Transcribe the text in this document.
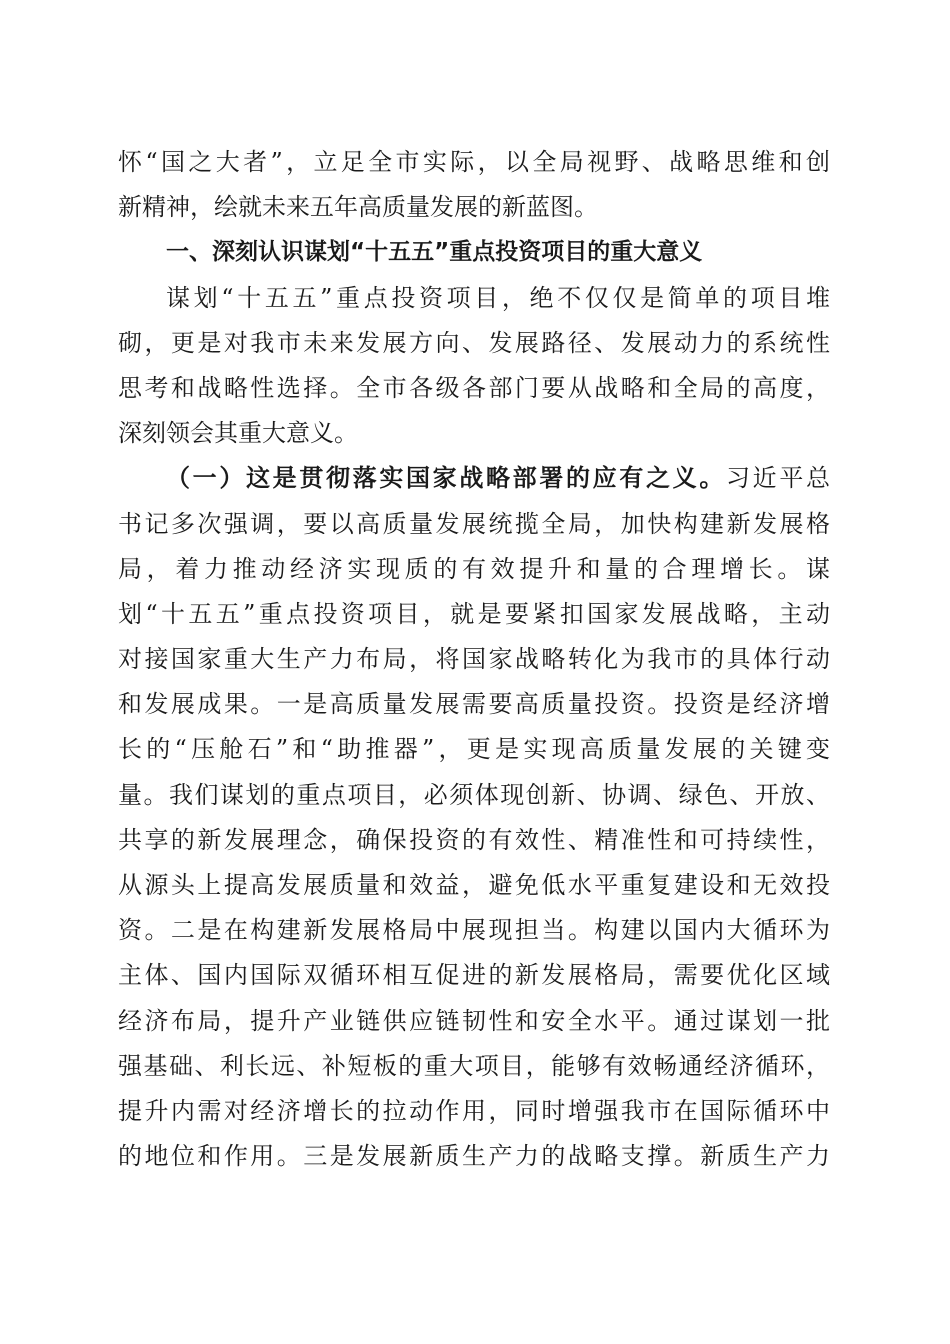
怀“国之大者”，立足全市实际，以全局视野、战略思维和创
新精神，绘就未来五年高质量发展的新蓝图。
一、深刻认识谋划“十五五”重点投资项目的重大意义
谋划“十五五”重点投资项目，绝不仅仅是简单的项目堆
砌，更是对我市未来发展方向、发展路径、发展动力的系统性
思考和战略性选择。全市各级各部门要从战略和全局的高度，
深刻领会其重大意义。
（一）这是贯彻落实国家战略部署的应有之义。习近平总
书记多次强调，要以高质量发展统揽全局，加快构建新发展格
局，着力推动经济实现质的有效提升和量的合理增长。谋
划“十五五”重点投资项目，就是要紧扣国家发展战略，主动
对接国家重大生产力布局，将国家战略转化为我市的具体行动
和发展成果。一是高质量发展需要高质量投资。投资是经济增
长的“压舱石”和“助推器”，更是实现高质量发展的关键变
量。我们谋划的重点项目，必须体现创新、协调、绿色、开放、
共享的新发展理念，确保投资的有效性、精准性和可持续性，
从源头上提高发展质量和效益，避免低水平重复建设和无效投
资。二是在构建新发展格局中展现担当。构建以国内大循环为
主体、国内国际双循环相互促进的新发展格局，需要优化区域
经济布局，提升产业链供应链韧性和安全水平。通过谋划一批
强基础、利长远、补短板的重大项目，能够有效畅通经济循环，
提升内需对经济增长的拉动作用，同时增强我市在国际循环中
的地位和作用。三是发展新质生产力的战略支撑。新质生产力
